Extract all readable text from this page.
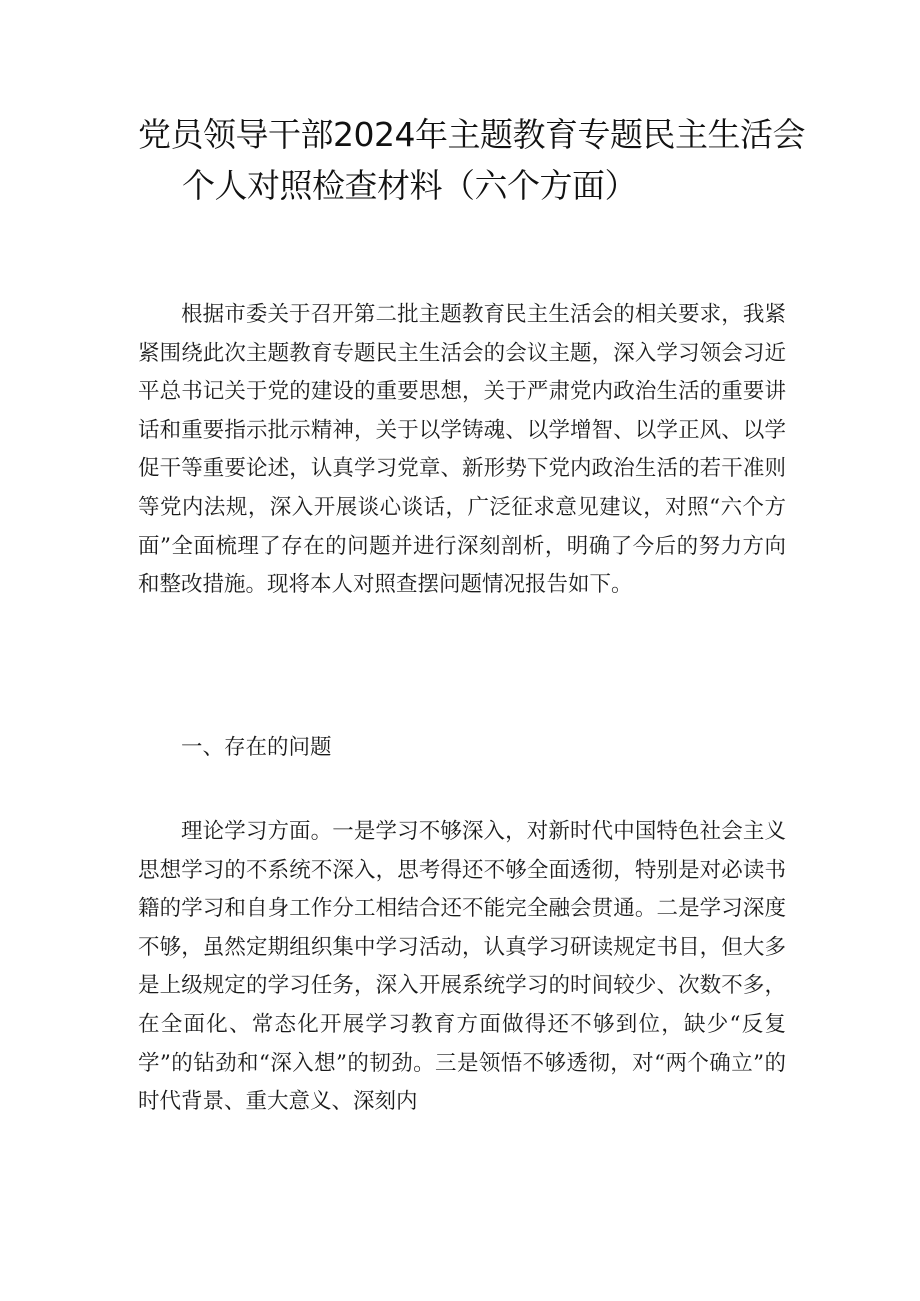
党员领导干部2024年主题教育专题民主生活会
个人对照检查材料（六个方面）

根据市委关于召开第二批主题教育民主生活会的相关要求，我紧紧围绕此次主题教育专题民主生活会的会议主题，深入学习领会习近平总书记关于党的建设的重要思想，关于严肃党内政治生活的重要讲话和重要指示批示精神，关于以学铸魂、以学增智、以学正风、以学促干等重要论述，认真学习党章、新形势下党内政治生活的若干准则等党内法规，深入开展谈心谈话，广泛征求意见建议，对照“六个方面”全面梳理了存在的问题并进行深刻剖析，明确了今后的努力方向和整改措施。现将本人对照查摆问题情况报告如下。

一、存在的问题

理论学习方面。一是学习不够深入，对新时代中国特色社会主义思想学习的不系统不深入，思考得还不够全面透彻，特别是对必读书籍的学习和自身工作分工相结合还不能完全融会贯通。二是学习深度不够，虽然定期组织集中学习活动，认真学习研读规定书目，但大多是上级规定的学习任务，深入开展系统学习的时间较少、次数不多，在全面化、常态化开展学习教育方面做得还不够到位，缺少“反复学”的钻劲和“深入想”的韧劲。三是领悟不够透彻，对“两个确立”的时代背景、重大意义、深刻内
